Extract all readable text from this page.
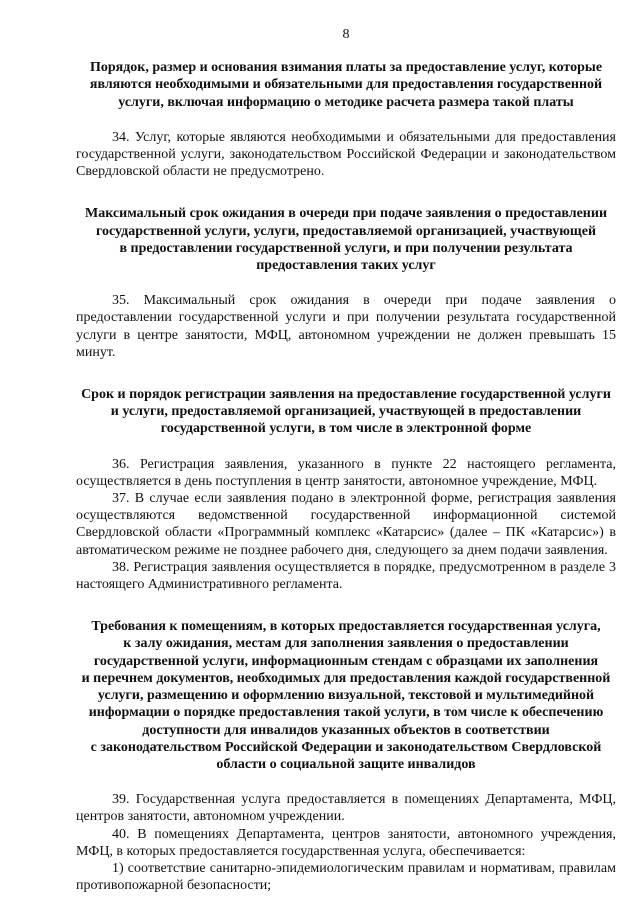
8
Порядок, размер и основания взимания платы за предоставление услуг, которые
являются необходимыми и обязательными для предоставления государственной
услуги, включая информацию о методике расчета размера такой платы

34. Услуг, которые являются необходимыми и обязательными для предоставления государственной услуги, законодательством Российской Федерации и законодательством Свердловской области не предусмотрено.

Максимальный срок ожидания в очереди при подаче заявления о предоставлении
государственной услуги, услуги, предоставляемой организацией, участвующей
в предоставлении государственной услуги, и при получении результата
предоставления таких услуг

35. Максимальный срок ожидания в очереди при подаче заявления о предоставлении государственной услуги и при получении результата государственной услуги в центре занятости, МФЦ, автономном учреждении не должен превышать 15 минут.

Срок и порядок регистрации заявления на предоставление государственной услуги
и услуги, предоставляемой организацией, участвующей в предоставлении
государственной услуги, в том числе в электронной форме

36. Регистрация заявления, указанного в пункте 22 настоящего регламента, осуществляется в день поступления в центр занятости, автономное учреждение, МФЦ.

37. В случае если заявления подано в электронной форме, регистрация заявления осуществляются ведомственной государственной информационной системой Свердловской области «Программный комплекс «Катарсис» (далее – ПК «Катарсис») в автоматическом режиме не позднее рабочего дня, следующего за днем подачи заявления.

38. Регистрация заявления осуществляется в порядке, предусмотренном в разделе 3 настоящего Административного регламента.

Требования к помещениям, в которых предоставляется государственная услуга,
к залу ожидания, местам для заполнения заявления о предоставлении
государственной услуги, информационным стендам с образцами их заполнения
и перечнем документов, необходимых для предоставления каждой государственной
услуги, размещению и оформлению визуальной, текстовой и мультимедийной
информации о порядке предоставления такой услуги, в том числе к обеспечению
доступности для инвалидов указанных объектов в соответствии
с законодательством Российской Федерации и законодательством Свердловской
области о социальной защите инвалидов

39. Государственная услуга предоставляется в помещениях Департамента, МФЦ, центров занятости, автономном учреждении.

40. В помещениях Департамента, центров занятости, автономного учреждения, МФЦ, в которых предоставляется государственная услуга, обеспечивается:

1) соответствие санитарно-эпидемиологическим правилам и нормативам, правилам противопожарной безопасности;
